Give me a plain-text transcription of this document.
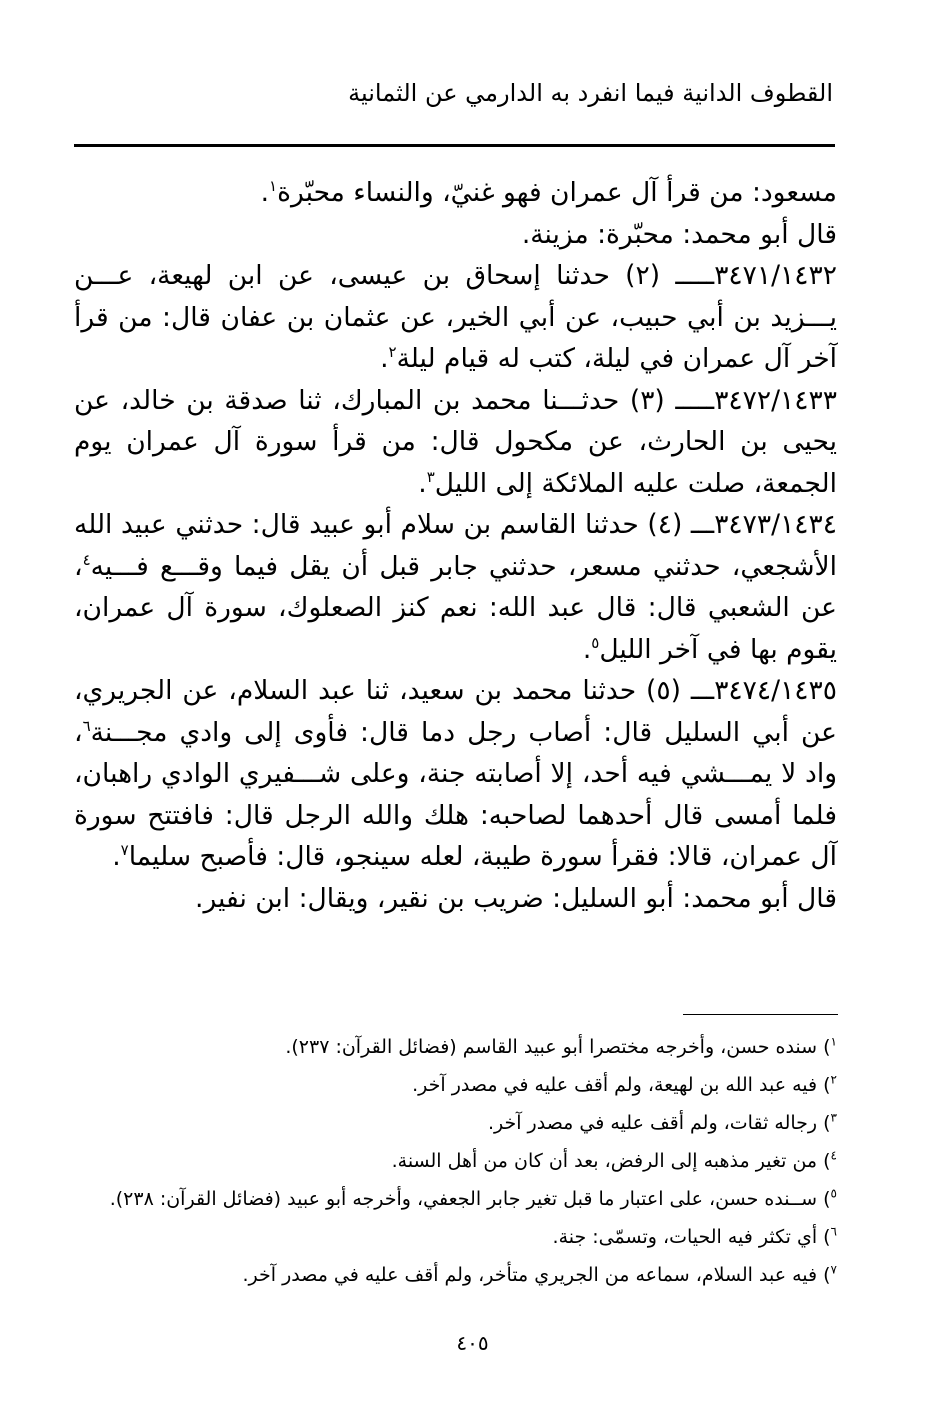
القطوف الدانية فيما انفرد به الدارمي عن الثمانية

مسعود: من قرأ آل عمران فهو غنيّ، والنساء محبّرة$^١$.

قال أبو محمد: محبّرة: مزينة.

٣٤٧١/١٤٣٢ـــــ (٢) حدثنا إسحاق بن عيسى، عن ابن لهيعة، عـــن يـــزيد بن أبي حبيب، عن أبي الخير، عن عثمان بن عفان قال: من قرأ آخر آل عمران في ليلة، كتب له قيام ليلة$^٢$.

٣٤٧٢/١٤٣٣ـــــ (٣) حدثـــنا محمد بن المبارك، ثنا صدقة بن خالد، عن يحيى بن الحارث، عن مكحول قال: من قرأ سورة آل عمران يوم الجمعة، صلت عليه الملائكة إلى الليل$^٣$.

٣٤٧٣/١٤٣٤ـــ (٤) حدثنا القاسم بن سلام أبو عبيد قال: حدثني عبيد الله الأشجعي، حدثني مسعر، حدثني جابر قبل أن يقل فيما وقـــع فـــيه$^٤$، عن الشعبي قال: قال عبد الله: نعم كنز الصعلوك، سورة آل عمران، يقوم بها في آخر الليل$^٥$.

٣٤٧٤/١٤٣٥ـــ (٥) حدثنا محمد بن سعيد، ثنا عبد السلام، عن الجريري، عن أبي السليل قال: أصاب رجل دما قال: فأوى إلى وادي مجـــنة$^٦$، واد لا يمـــشي فيه أحد، إلا أصابته جنة، وعلى شـــفيري الوادي راهبان، فلما أمسى قال أحدهما لصاحبه: هلك والله الرجل قال: فافتتح سورة آل عمران، قالا: فقرأ سورة طيبة، لعله سينجو، قال: فأصبح سليما$^٧$.

قال أبو محمد: أبو السليل: ضريب بن نقير، ويقال: ابن نفير.

$^١$) سنده حسن، وأخرجه مختصرا أبو عبيد القاسم (فضائل القرآن: ٢٣٧).

$^٢$) فيه عبد الله بن لهيعة، ولم أقف عليه في مصدر آخر.

$^٣$) رجاله ثقات، ولم أقف عليه في مصدر آخر.

$^٤$) من تغير مذهبه إلى الرفض، بعد أن كان من أهل السنة.

$^٥$) ســنده حسن، على اعتبار ما قبل تغير جابر الجعفي، وأخرجه أبو عبيد (فضائل القرآن: ٢٣٨).

$^٦$) أي تكثر فيه الحيات، وتسمّى: جنة.

$^٧$) فيه عبد السلام، سماعه من الجريري متأخر، ولم أقف عليه في مصدر آخر.

٤٠٥
